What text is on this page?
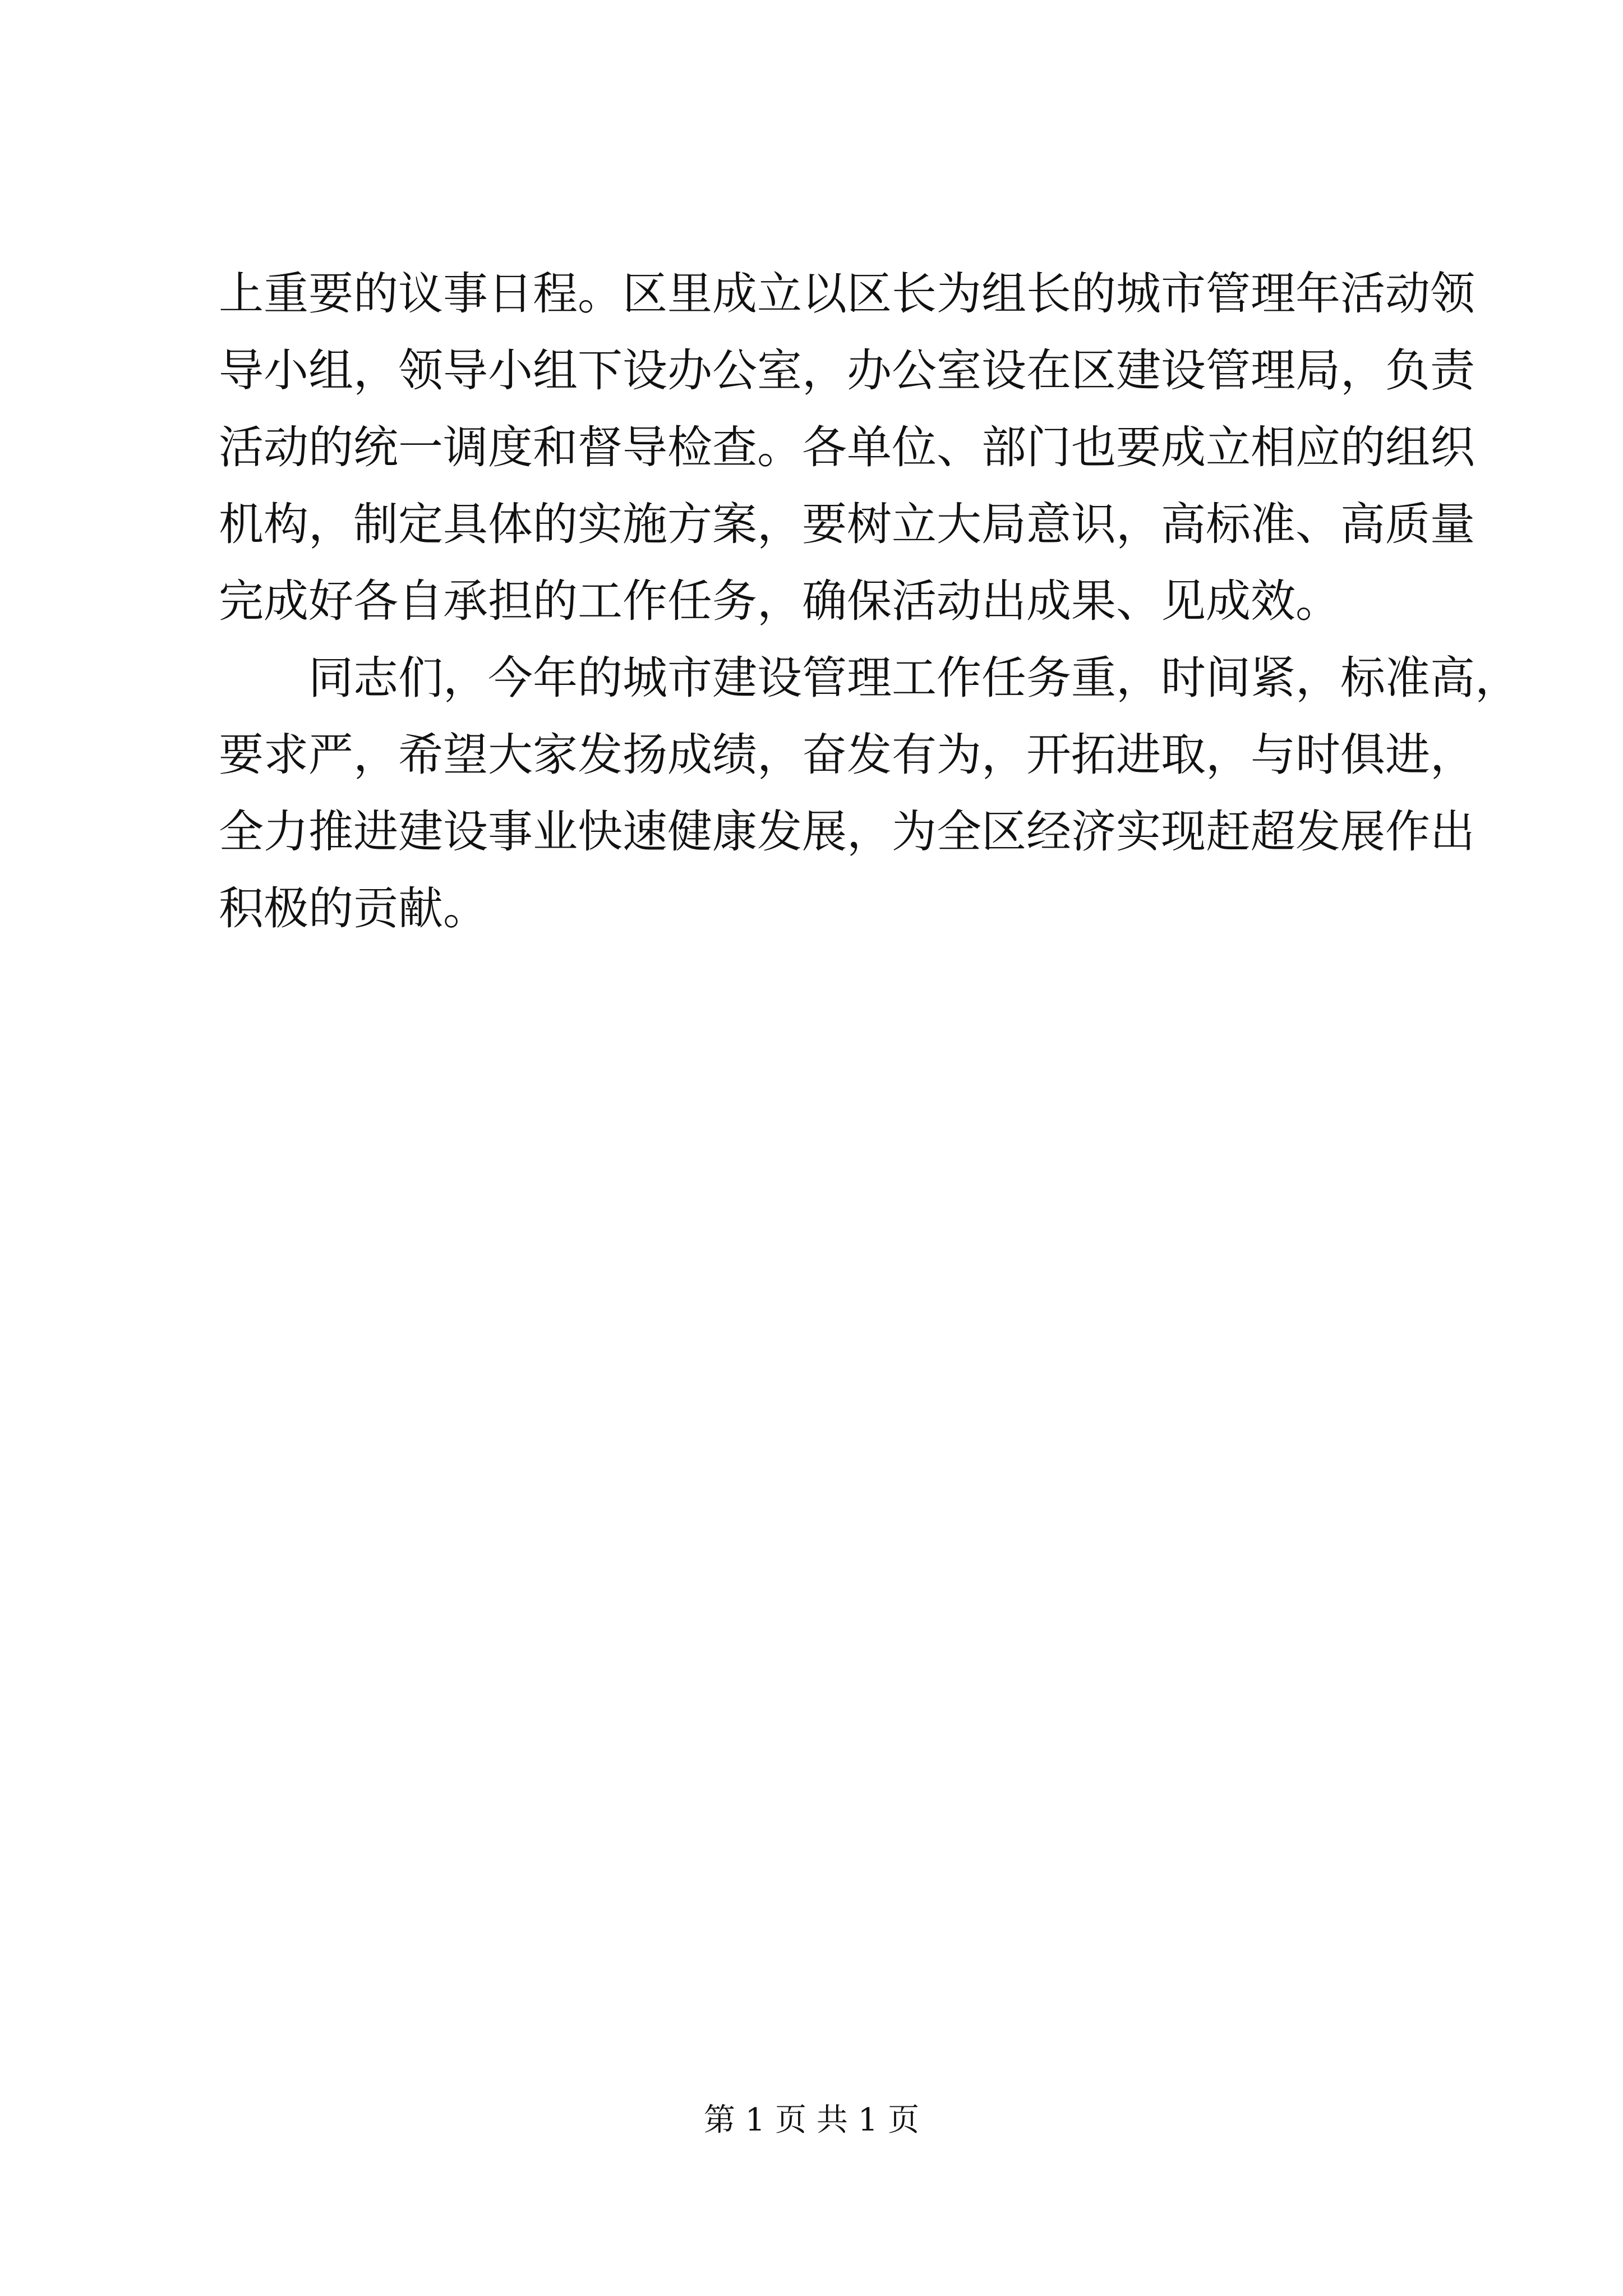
上重要的议事日程。区里成立以区长为组长的城市管理年活动领
导小组，领导小组下设办公室，办公室设在区建设管理局，负责
活动的统一调度和督导检查。各单位、部门也要成立相应的组织
机构，制定具体的实施方案，要树立大局意识，高标准、高质量
完成好各自承担的工作任务，确保活动出成果、见成效。
同志们，今年的城市建设管理工作任务重，时间紧，标准高，
要求严，希望大家发扬成绩，奋发有为，开拓进取，与时俱进，
全力推进建设事业快速健康发展，为全区经济实现赶超发展作出
积极的贡献。
第 1 页 共 1 页
